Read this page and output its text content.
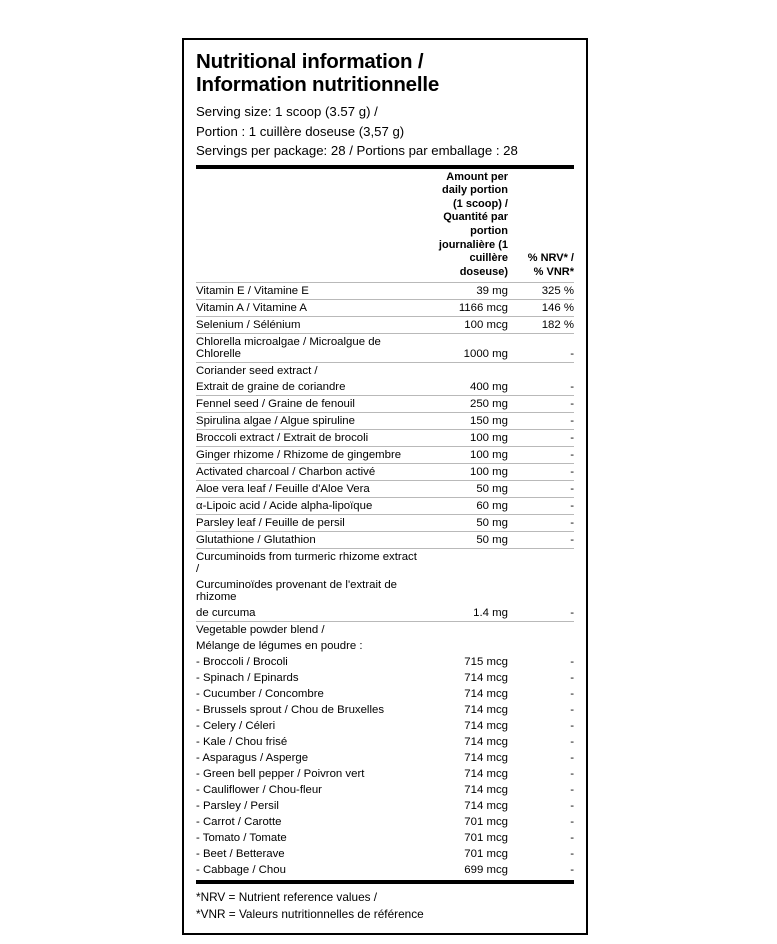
Nutritional information /
Information nutritionnelle
Serving size: 1 scoop (3.57 g) /
Portion : 1 cuillère doseuse (3,57 g)
Servings per package: 28 / Portions par emballage : 28

Amount per daily portion
(1 scoop) / Quantité par portion
journalière (1 cuillère doseuse)

% NRV* /
% VNR*

Vitamin E / Vitamine E	39 mg	325 %
Vitamin A / Vitamine A	1166 mcg	146 %
Selenium / Sélénium	100 mcg	182 %
Chlorella microalgae / Microalgue de Chlorelle	1000 mg	-
Coriander seed extract /		
Extrait de graine de coriandre	400 mg	-
Fennel seed / Graine de fenouil	250 mg	-
Spirulina algae / Algue spiruline	150 mg	-
Broccoli extract / Extrait de brocoli	100 mg	-
Ginger rhizome / Rhizome de gingembre	100 mg	-
Activated charcoal / Charbon activé	100 mg	-
Aloe vera leaf / Feuille d'Aloe Vera	50 mg	-
α-Lipoic acid / Acide alpha-lipoïque	60 mg	-
Parsley leaf / Feuille de persil	50 mg	-
Glutathione / Glutathion	50 mg	-
Curcuminoids from turmeric rhizome extract /		
Curcuminoïdes provenant de l'extrait de rhizome		
de curcuma	1.4 mg	-
Vegetable powder blend /		
Mélange de légumes en poudre :		
- Broccoli / Brocoli	715 mcg	-
- Spinach / Epinards	714 mcg	-
- Cucumber / Concombre	714 mcg	-
- Brussels sprout / Chou de Bruxelles	714 mcg	-
- Celery / Céleri	714 mcg	-
- Kale / Chou frisé	714 mcg	-
- Asparagus / Asperge	714 mcg	-
- Green bell pepper / Poivron vert	714 mcg	-
- Cauliflower / Chou-fleur	714 mcg	-
- Parsley / Persil	714 mcg	-
- Carrot / Carotte	701 mcg	-
- Tomato / Tomate	701 mcg	-
- Beet / Betterave	701 mcg	-
- Cabbage / Chou	699 mcg	-
*NRV = Nutrient reference values /
*VNR = Valeurs nutritionnelles de référence
